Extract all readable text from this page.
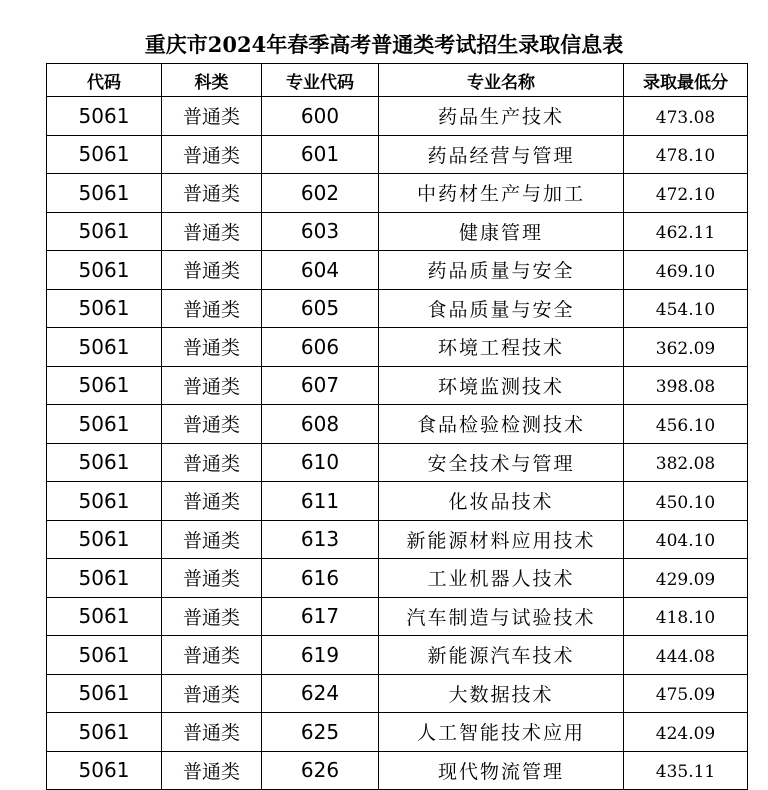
重庆市2024年春季高考普通类考试招生录取信息表
代码	科类	专业代码	专业名称	录取最低分
5061	普通类	600	药品生产技术	473.08
5061	普通类	601	药品经营与管理	478.10
5061	普通类	602	中药材生产与加工	472.10
5061	普通类	603	健康管理	462.11
5061	普通类	604	药品质量与安全	469.10
5061	普通类	605	食品质量与安全	454.10
5061	普通类	606	环境工程技术	362.09
5061	普通类	607	环境监测技术	398.08
5061	普通类	608	食品检验检测技术	456.10
5061	普通类	610	安全技术与管理	382.08
5061	普通类	611	化妆品技术	450.10
5061	普通类	613	新能源材料应用技术	404.10
5061	普通类	616	工业机器人技术	429.09
5061	普通类	617	汽车制造与试验技术	418.10
5061	普通类	619	新能源汽车技术	444.08
5061	普通类	624	大数据技术	475.09
5061	普通类	625	人工智能技术应用	424.09
5061	普通类	626	现代物流管理	435.11
